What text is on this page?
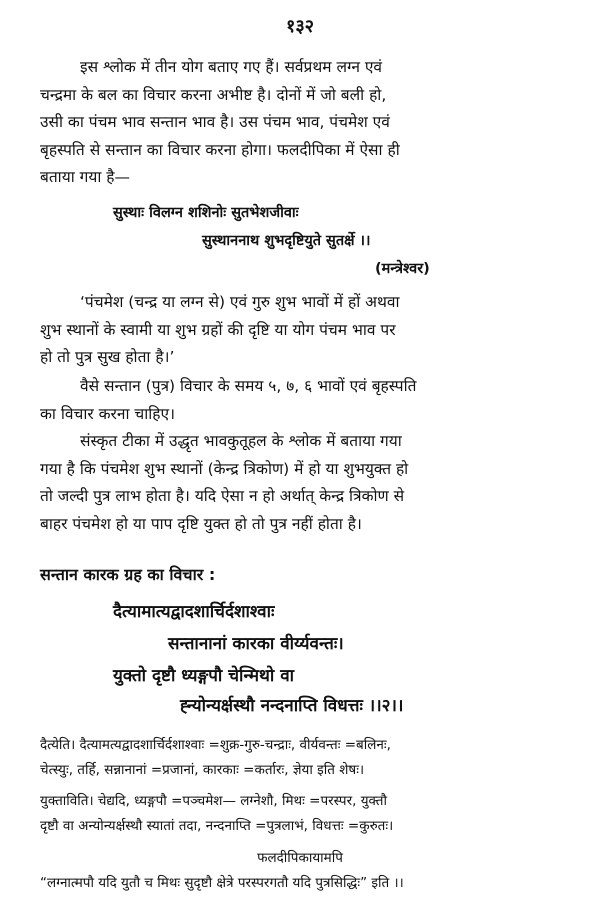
१३२

इस श्लोक में तीन योग बताए गए हैं। सर्वप्रथम लग्न एवं

चन्द्रमा के बल का विचार करना अभीष्ट है। दोनों में जो बली हो,

उसी का पंचम भाव सन्तान भाव है। उस पंचम भाव, पंचमेश एवं

बृहस्पति से सन्तान का विचार करना होगा। फलदीपिका में ऐसा ही

बताया गया है—

सुस्थाः विलग्न शशिनोः सुतभेशजीवाः
सुस्थाननाथ शुभदृष्टियुते सुतर्क्षे ।।
(मन्त्रेश्वर)

‘पंचमेश (चन्द्र या लग्न से) एवं गुरु शुभ भावों में हों अथवा

शुभ स्थानों के स्वामी या शुभ ग्रहों की दृष्टि या योग पंचम भाव पर

हो तो पुत्र सुख होता है।’

वैसे सन्तान (पुत्र) विचार के समय ५, ७, ६ भावों एवं बृहस्पति

का विचार करना चाहिए।

संस्कृत टीका में उद्धृत भावकुतूहल के श्लोक में बताया गया

गया है कि पंचमेश शुभ स्थानों (केन्द्र त्रिकोण) में हो या शुभयुक्त हो

तो जल्दी पुत्र लाभ होता है। यदि ऐसा न हो अर्थात् केन्द्र त्रिकोण से

बाहर पंचमेश हो या पाप दृष्टि युक्त हो तो पुत्र नहीं होता है।

सन्तान कारक ग्रह का विचार :
दैत्यामात्यद्वादशार्चिर्दशाश्वाः
सन्तानानां कारका वीर्य्यवन्तः।
युक्तो दृष्टौ ध्यङ्गपौ चेन्मिथो वा
ह्न्योन्यर्क्षस्थौ नन्दनाप्ति विधत्तः ।।२।।

दैत्येति। दैत्यामत्यद्वादशार्चिर्दशाश्वाः =शुक्र-गुरु-चन्द्राः, वीर्यवन्तः =बलिनः,

चेत्स्युः, तर्हि, सन्नानानां =प्रजानां, कारकाः =कर्तारः, ज्ञेया इति शेषः।

युक्ताविति। चेद्यदि, ध्यङ्गपौ =पञ्चमेश— लग्नेशौ, मिथः =परस्पर, युक्तौ

दृष्टौ वा अन्योन्यर्क्षस्थौ स्यातां तदा, नन्दनाप्ति =पुत्रलाभं, विधत्तः =कुरुतः।

फलदीपिकायामपि

“लग्नात्मपौ यदि युतौ च मिथः सुदृष्टौ क्षेत्रे परस्परगतौ यदि पुत्रसिद्धिः” इति ।।
